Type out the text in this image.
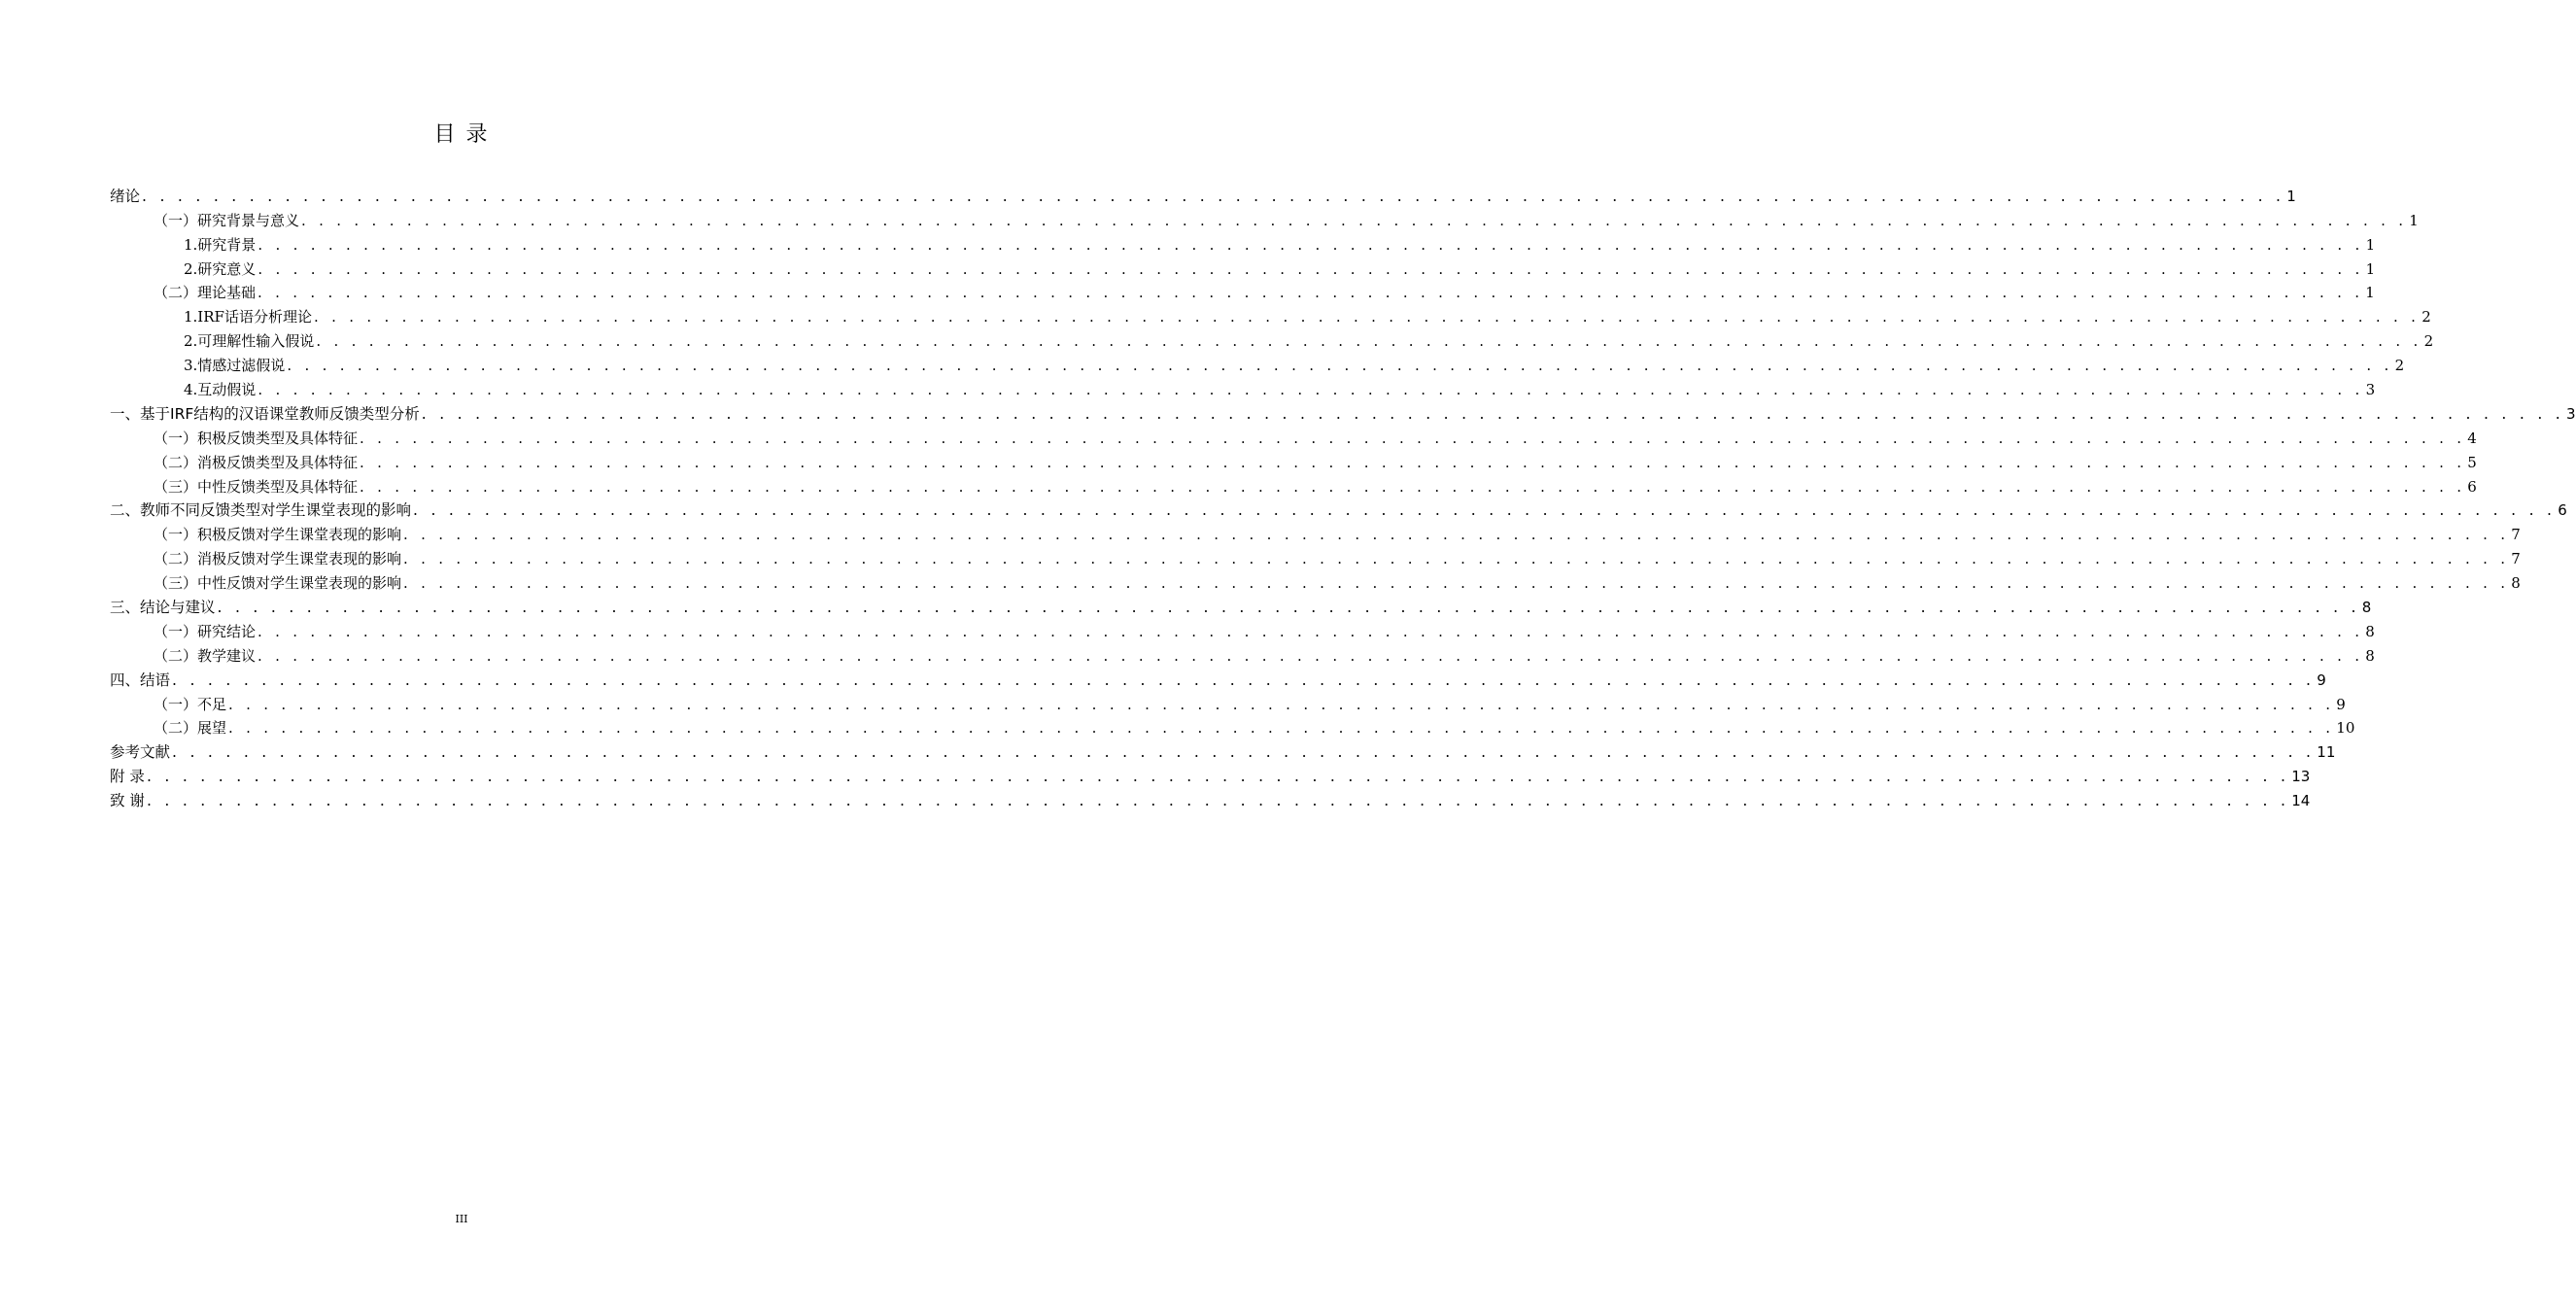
目 录
绪论 . . . . . . . . . . . . . . . . . . . . . . . . . . . . . . . . . . . . . . . . . . . . . . . . . . . . . . . . . . . . . . . . . . . . . . . . . . . . . . . . . . . . . . . . . . . . . . . . . . . . . . . . . . . . . . . . . . . . . . . . 1
（一）研究背景与意义 . . . . . . . . . . . . . . . . . . . . . . . . . . . . . . . . . . . . . . . . . . . . . . . . . . . . . . . . . . . . . . . . . . . . . . . . . . . . . . . . . . . . . . . . . . . . . . . . . . . . . . . . . . . . . . . . . . . . . . . . 1
1.研究背景 . . . . . . . . . . . . . . . . . . . . . . . . . . . . . . . . . . . . . . . . . . . . . . . . . . . . . . . . . . . . . . . . . . . . . . . . . . . . . . . . . . . . . . . . . . . . . . . . . . . . . . . . . . . . . . . . . . . . . . . . 1
2.研究意义 . . . . . . . . . . . . . . . . . . . . . . . . . . . . . . . . . . . . . . . . . . . . . . . . . . . . . . . . . . . . . . . . . . . . . . . . . . . . . . . . . . . . . . . . . . . . . . . . . . . . . . . . . . . . . . . . . . . . . . . . 1
（二）理论基础 . . . . . . . . . . . . . . . . . . . . . . . . . . . . . . . . . . . . . . . . . . . . . . . . . . . . . . . . . . . . . . . . . . . . . . . . . . . . . . . . . . . . . . . . . . . . . . . . . . . . . . . . . . . . . . . . . . . . . . . . 1
1.IRF话语分析理论 . . . . . . . . . . . . . . . . . . . . . . . . . . . . . . . . . . . . . . . . . . . . . . . . . . . . . . . . . . . . . . . . . . . . . . . . . . . . . . . . . . . . . . . . . . . . . . . . . . . . . . . . . . . . . . . . . . . . . . . . 2
2.可理解性输入假说 . . . . . . . . . . . . . . . . . . . . . . . . . . . . . . . . . . . . . . . . . . . . . . . . . . . . . . . . . . . . . . . . . . . . . . . . . . . . . . . . . . . . . . . . . . . . . . . . . . . . . . . . . . . . . . . . . . . . . . . . 2
3.情感过滤假说 . . . . . . . . . . . . . . . . . . . . . . . . . . . . . . . . . . . . . . . . . . . . . . . . . . . . . . . . . . . . . . . . . . . . . . . . . . . . . . . . . . . . . . . . . . . . . . . . . . . . . . . . . . . . . . . . . . . . . . . . 2
4.互动假说 . . . . . . . . . . . . . . . . . . . . . . . . . . . . . . . . . . . . . . . . . . . . . . . . . . . . . . . . . . . . . . . . . . . . . . . . . . . . . . . . . . . . . . . . . . . . . . . . . . . . . . . . . . . . . . . . . . . . . . . . 3
一、基于IRF结构的汉语课堂教师反馈类型分析 . . . . . . . . . . . . . . . . . . . . . . . . . . . . . . . . . . . . . . . . . . . . . . . . . . . . . . . . . . . . . . . . . . . . . . . . . . . . . . . . . . . . . . . . . . . . . . . . . . . . . . . . . . . . . . . . . . . . . . . . 3
（一）积极反馈类型及具体特征 . . . . . . . . . . . . . . . . . . . . . . . . . . . . . . . . . . . . . . . . . . . . . . . . . . . . . . . . . . . . . . . . . . . . . . . . . . . . . . . . . . . . . . . . . . . . . . . . . . . . . . . . . . . . . . . . . . . . . . . . 4
（二）消极反馈类型及具体特征 . . . . . . . . . . . . . . . . . . . . . . . . . . . . . . . . . . . . . . . . . . . . . . . . . . . . . . . . . . . . . . . . . . . . . . . . . . . . . . . . . . . . . . . . . . . . . . . . . . . . . . . . . . . . . . . . . . . . . . . . 5
（三）中性反馈类型及具体特征 . . . . . . . . . . . . . . . . . . . . . . . . . . . . . . . . . . . . . . . . . . . . . . . . . . . . . . . . . . . . . . . . . . . . . . . . . . . . . . . . . . . . . . . . . . . . . . . . . . . . . . . . . . . . . . . . . . . . . . . . 6
二、教师不同反馈类型对学生课堂表现的影响 . . . . . . . . . . . . . . . . . . . . . . . . . . . . . . . . . . . . . . . . . . . . . . . . . . . . . . . . . . . . . . . . . . . . . . . . . . . . . . . . . . . . . . . . . . . . . . . . . . . . . . . . . . . . . . . . . . . . . . . . 6
（一）积极反馈对学生课堂表现的影响 . . . . . . . . . . . . . . . . . . . . . . . . . . . . . . . . . . . . . . . . . . . . . . . . . . . . . . . . . . . . . . . . . . . . . . . . . . . . . . . . . . . . . . . . . . . . . . . . . . . . . . . . . . . . . . . . . . . . . . . . 7
（二）消极反馈对学生课堂表现的影响 . . . . . . . . . . . . . . . . . . . . . . . . . . . . . . . . . . . . . . . . . . . . . . . . . . . . . . . . . . . . . . . . . . . . . . . . . . . . . . . . . . . . . . . . . . . . . . . . . . . . . . . . . . . . . . . . . . . . . . . . 7
（三）中性反馈对学生课堂表现的影响 . . . . . . . . . . . . . . . . . . . . . . . . . . . . . . . . . . . . . . . . . . . . . . . . . . . . . . . . . . . . . . . . . . . . . . . . . . . . . . . . . . . . . . . . . . . . . . . . . . . . . . . . . . . . . . . . . . . . . . . . 8
三、结论与建议 . . . . . . . . . . . . . . . . . . . . . . . . . . . . . . . . . . . . . . . . . . . . . . . . . . . . . . . . . . . . . . . . . . . . . . . . . . . . . . . . . . . . . . . . . . . . . . . . . . . . . . . . . . . . . . . . . . . . . . . . 8
（一）研究结论 . . . . . . . . . . . . . . . . . . . . . . . . . . . . . . . . . . . . . . . . . . . . . . . . . . . . . . . . . . . . . . . . . . . . . . . . . . . . . . . . . . . . . . . . . . . . . . . . . . . . . . . . . . . . . . . . . . . . . . . . 8
（二）教学建议 . . . . . . . . . . . . . . . . . . . . . . . . . . . . . . . . . . . . . . . . . . . . . . . . . . . . . . . . . . . . . . . . . . . . . . . . . . . . . . . . . . . . . . . . . . . . . . . . . . . . . . . . . . . . . . . . . . . . . . . . 8
四、结语 . . . . . . . . . . . . . . . . . . . . . . . . . . . . . . . . . . . . . . . . . . . . . . . . . . . . . . . . . . . . . . . . . . . . . . . . . . . . . . . . . . . . . . . . . . . . . . . . . . . . . . . . . . . . . . . . . . . . . . . . 9
（一）不足 . . . . . . . . . . . . . . . . . . . . . . . . . . . . . . . . . . . . . . . . . . . . . . . . . . . . . . . . . . . . . . . . . . . . . . . . . . . . . . . . . . . . . . . . . . . . . . . . . . . . . . . . . . . . . . . . . . . . . . . . 9
（二）展望 . . . . . . . . . . . . . . . . . . . . . . . . . . . . . . . . . . . . . . . . . . . . . . . . . . . . . . . . . . . . . . . . . . . . . . . . . . . . . . . . . . . . . . . . . . . . . . . . . . . . . . . . . . . . . . . . . . . . . . . . 10
参考文献 . . . . . . . . . . . . . . . . . . . . . . . . . . . . . . . . . . . . . . . . . . . . . . . . . . . . . . . . . . . . . . . . . . . . . . . . . . . . . . . . . . . . . . . . . . . . . . . . . . . . . . . . . . . . . . . . . . . . . . . . 11
附 录 . . . . . . . . . . . . . . . . . . . . . . . . . . . . . . . . . . . . . . . . . . . . . . . . . . . . . . . . . . . . . . . . . . . . . . . . . . . . . . . . . . . . . . . . . . . . . . . . . . . . . . . . . . . . . . . . . . . . . . . . 13
致 谢 . . . . . . . . . . . . . . . . . . . . . . . . . . . . . . . . . . . . . . . . . . . . . . . . . . . . . . . . . . . . . . . . . . . . . . . . . . . . . . . . . . . . . . . . . . . . . . . . . . . . . . . . . . . . . . . . . . . . . . . . 14
III
